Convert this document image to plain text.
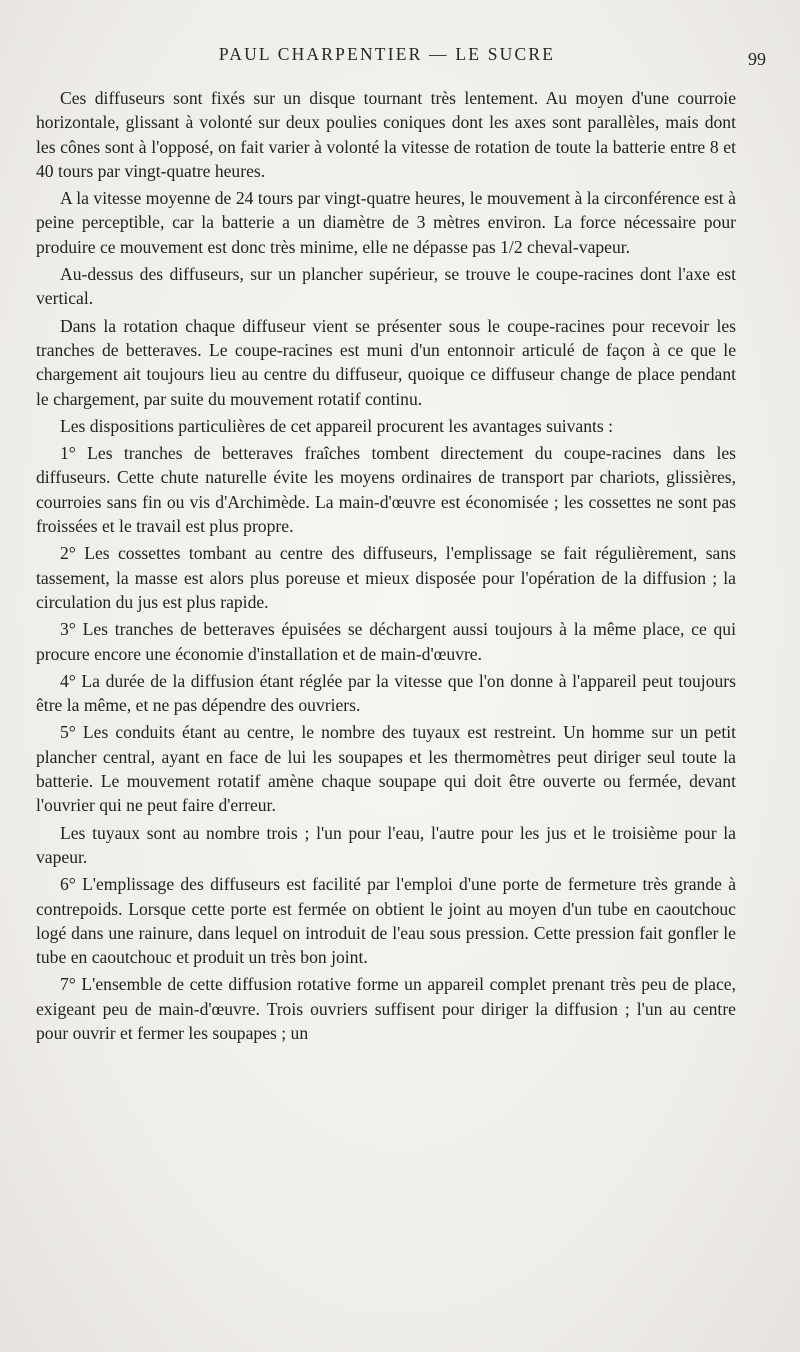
PAUL CHARPENTIER — LE SUCRE	99

Ces diffuseurs sont fixés sur un disque tournant très lentement. Au moyen d'une courroie horizontale, glissant à volonté sur deux poulies coniques dont les axes sont parallèles, mais dont les cônes sont à l'opposé, on fait varier à volonté la vitesse de rotation de toute la batterie entre 8 et 40 tours par vingt-quatre heures.

A la vitesse moyenne de 24 tours par vingt-quatre heures, le mouvement à la circonférence est à peine perceptible, car la batterie a un diamètre de 3 mètres environ. La force nécessaire pour produire ce mouvement est donc très minime, elle ne dépasse pas 1/2 cheval-vapeur.

Au-dessus des diffuseurs, sur un plancher supérieur, se trouve le coupe-racines dont l'axe est vertical.

Dans la rotation chaque diffuseur vient se présenter sous le coupe-racines pour recevoir les tranches de betteraves. Le coupe-racines est muni d'un entonnoir articulé de façon à ce que le chargement ait toujours lieu au centre du diffuseur, quoique ce diffuseur change de place pendant le chargement, par suite du mouvement rotatif continu.

Les dispositions particulières de cet appareil procurent les avantages suivants :

1° Les tranches de betteraves fraîches tombent directement du coupe-racines dans les diffuseurs. Cette chute naturelle évite les moyens ordinaires de transport par chariots, glissières, courroies sans fin ou vis d'Archimède. La main-d'œuvre est économisée ; les cossettes ne sont pas froissées et le travail est plus propre.

2° Les cossettes tombant au centre des diffuseurs, l'emplissage se fait régulièrement, sans tassement, la masse est alors plus poreuse et mieux disposée pour l'opération de la diffusion ; la circulation du jus est plus rapide.

3° Les tranches de betteraves épuisées se déchargent aussi toujours à la même place, ce qui procure encore une économie d'installation et de main-d'œuvre.

4° La durée de la diffusion étant réglée par la vitesse que l'on donne à l'appareil peut toujours être la même, et ne pas dépendre des ouvriers.

5° Les conduits étant au centre, le nombre des tuyaux est restreint. Un homme sur un petit plancher central, ayant en face de lui les soupapes et les thermomètres peut diriger seul toute la batterie. Le mouvement rotatif amène chaque soupape qui doit être ouverte ou fermée, devant l'ouvrier qui ne peut faire d'erreur.

Les tuyaux sont au nombre trois ; l'un pour l'eau, l'autre pour les jus et le troisième pour la vapeur.

6° L'emplissage des diffuseurs est facilité par l'emploi d'une porte de fermeture très grande à contrepoids. Lorsque cette porte est fermée on obtient le joint au moyen d'un tube en caoutchouc logé dans une rainure, dans lequel on introduit de l'eau sous pression. Cette pression fait gonfler le tube en caoutchouc et produit un très bon joint.

7° L'ensemble de cette diffusion rotative forme un appareil complet prenant très peu de place, exigeant peu de main-d'œuvre. Trois ouvriers suffisent pour diriger la diffusion ; l'un au centre pour ouvrir et fermer les soupapes ; un
